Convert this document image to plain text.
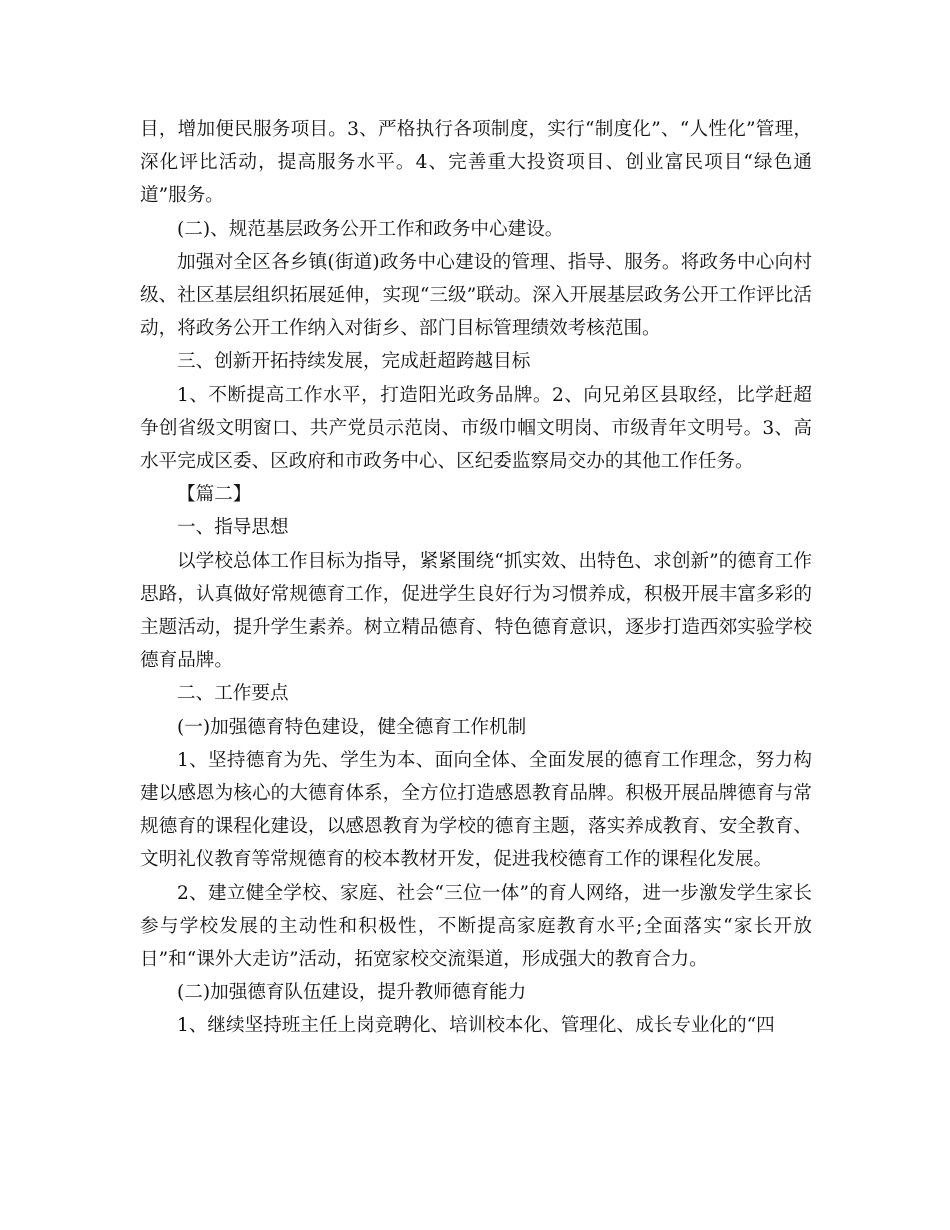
目，增加便民服务项目。3、严格执行各项制度，实行“制度化”、“人性化”管理，深化评比活动，提高服务水平。4、完善重大投资项目、创业富民项目“绿色通道”服务。

(二)、规范基层政务公开工作和政务中心建设。

加强对全区各乡镇(街道)政务中心建设的管理、指导、服务。将政务中心向村级、社区基层组织拓展延伸，实现“三级”联动。深入开展基层政务公开工作评比活动，将政务公开工作纳入对街乡、部门目标管理绩效考核范围。

三、创新开拓持续发展，完成赶超跨越目标

1、不断提高工作水平，打造阳光政务品牌。2、向兄弟区县取经，比学赶超争创省级文明窗口、共产党员示范岗、市级巾帼文明岗、市级青年文明号。3、高水平完成区委、区政府和市政务中心、区纪委监察局交办的其他工作任务。

【篇二】

一、指导思想

以学校总体工作目标为指导，紧紧围绕“抓实效、出特色、求创新”的德育工作思路，认真做好常规德育工作，促进学生良好行为习惯养成，积极开展丰富多彩的主题活动，提升学生素养。树立精品德育、特色德育意识，逐步打造西郊实验学校德育品牌。

二、工作要点

(一)加强德育特色建设，健全德育工作机制

1、坚持德育为先、学生为本、面向全体、全面发展的德育工作理念，努力构建以感恩为核心的大德育体系，全方位打造感恩教育品牌。积极开展品牌德育与常规德育的课程化建设，以感恩教育为学校的德育主题，落实养成教育、安全教育、文明礼仪教育等常规德育的校本教材开发，促进我校德育工作的课程化发展。

2、建立健全学校、家庭、社会“三位一体”的育人网络，进一步激发学生家长参与学校发展的主动性和积极性，不断提高家庭教育水平;全面落实“家长开放日”和“课外大走访”活动，拓宽家校交流渠道，形成强大的教育合力。

(二)加强德育队伍建设，提升教师德育能力

1、继续坚持班主任上岗竞聘化、培训校本化、管理化、成长专业化的“四
